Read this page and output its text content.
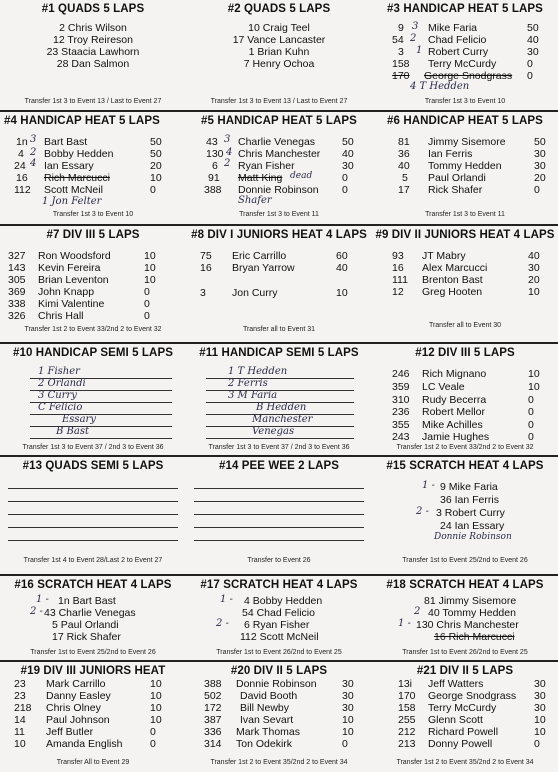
#1 QUADS 5 LAPS
2 Chris Wilson
12 Troy Reireson
23 Staacia Lawhorn
28 Dan Salmon
Transfer 1st 3 to Event 13 / Last to Event 27
#2 QUADS 5 LAPS
10 Craig Teel
17 Vance Lancaster
1 Brian Kuhn
7 Henry Ochoa
Transfer 1st 3 to Event 13 / Last to Event 27
#3 HANDICAP HEAT 5 LAPS
9 3 Mike Faria	50
54 2 Chad Felicio	40
3 1 Robert Curry	30
158 Terry McCurdy	0
170 George Snodgrass 0
4 T Hedden
Transfer 1st 3 to Event 10
#4 HANDICAP HEAT 5 LAPS
1n 3 Bart Bast	50
4 2 Bobby Hedden	50
24 4 Ian Essary	20
16 Rich Marcucci	10
112 Scott McNeil	0
1 Jon Felter
Transfer 1st 3 to Event 10
#5 HANDICAP HEAT 5 LAPS
43 3 Charlie Venegas	50
130 4 Chris Manchester 40
6 2 Ryan Fisher	30
91 Matt King dead	0
388 Donnie Robinson 0
Shafer
Transfer 1st 3 to Event 11
#6 HANDICAP HEAT 5 LAPS
81 Jimmy Sisemore	50
36 Ian Ferris	30
40 Tommy Hedden	30
5 Paul Orlandi	20
17 Rick Shafer	0
Transfer 1st 3 to Event 11
#7 DIV III 5 LAPS
327 Ron Woodsford	10
143 Kevin Fereira	10
305 Brian Leventon	10
369 John Knapp	0
338 Kimi Valentine	0
326 Chris Hall	0
Transfer 1st 2 to Event 33/2nd 2 to Event 32
#8 DIV I JUNIORS HEAT 4 LAPS
75 Eric Carrillo	60
16 Bryan Yarrow	40
3 Jon Curry	10
Transfer all to Event 31
#9 DIV II JUNIORS HEAT 4 LAPS
93 JT Mabry	40
16 Alex Marcucci	30
111 Brenton Bast	20
12 Greg Hooten	10
Transfer all to Event 30
#10 HANDICAP SEMI 5 LAPS
1 Fisher
2 Orlandi
3 Curry
C Felicio
Essary
B Bast
Transfer 1st 3 to Event 37 / 2nd 3 to Event 36
#11 HANDICAP SEMI 5 LAPS
1 T Hedden
2 Ferris
3 M Faria
B Hedden
Manchester
Venegas
Transfer 1st 3 to Event 37 / 2nd 3 to Event 36
#12 DIV III 5 LAPS
246 Rich Mignano	10
359 LC Veale	10
310 Rudy Becerra	0
236 Robert Mellor	0
355 Mike Achilles	0
243 Jamie Hughes	0
Transfer 1st 2 to Event 33/2nd 2 to Event 32
#13 QUADS SEMI 5 LAPS
Transfer 1st 4 to Event 28/Last 2 to Event 27
#14 PEE WEE 2 LAPS
Transfer to Event 26
#15 SCRATCH HEAT 4 LAPS
1 - 9 Mike Faria
36 Ian Ferris
2 - 3 Robert Curry
24 Ian Essary
Donnie Robinson
Transfer 1st to Event 25/2nd to Event 26
#16 SCRATCH HEAT 4 LAPS
1 - 1n Bart Bast
2 - 43 Charlie Venegas
5 Paul Orlandi
17 Rick Shafer
Transfer 1st to Event 25/2nd to Event 26
#17 SCRATCH HEAT 4 LAPS
1 - 4 Bobby Hedden
54 Chad Felicio
2 - 6 Ryan Fisher
112 Scott McNeil
Transfer 1st to Event 26/2nd to Event 25
#18 SCRATCH HEAT 4 LAPS
81 Jimmy Sisemore
2 40 Tommy Hedden
1 - 130 Chris Manchester
16 Rich Marcucci
Transfer 1st to Event 26/2nd to Event 25
#19 DIV III JUNIORS HEAT
23 Mark Carrillo	10
23 Danny Easley	10
218 Chris Olney	10
14 Paul Johnson	10
11 Jeff Butler	0
10 Amanda English	0
Transfer All to Event 29
#20 DIV II 5 LAPS
388 Donnie Robinson 30
502 David Booth	30
172 Bill Newby	30
387 Ivan Sevart	10
336 Mark Thomas	10
314 Ton Odekirk	0
Transfer 1st 2 to Event 35/2nd 2 to Event 34
#21 DIV II 5 LAPS
13i Jeff Watters	30
170 George Snodgrass 30
158 Terry McCurdy	30
255 Glenn Scott	10
212 Richard Powell	10
213 Donny Powell	0
Transfer 1st 2 to Event 35/2nd 2 to Event 34
